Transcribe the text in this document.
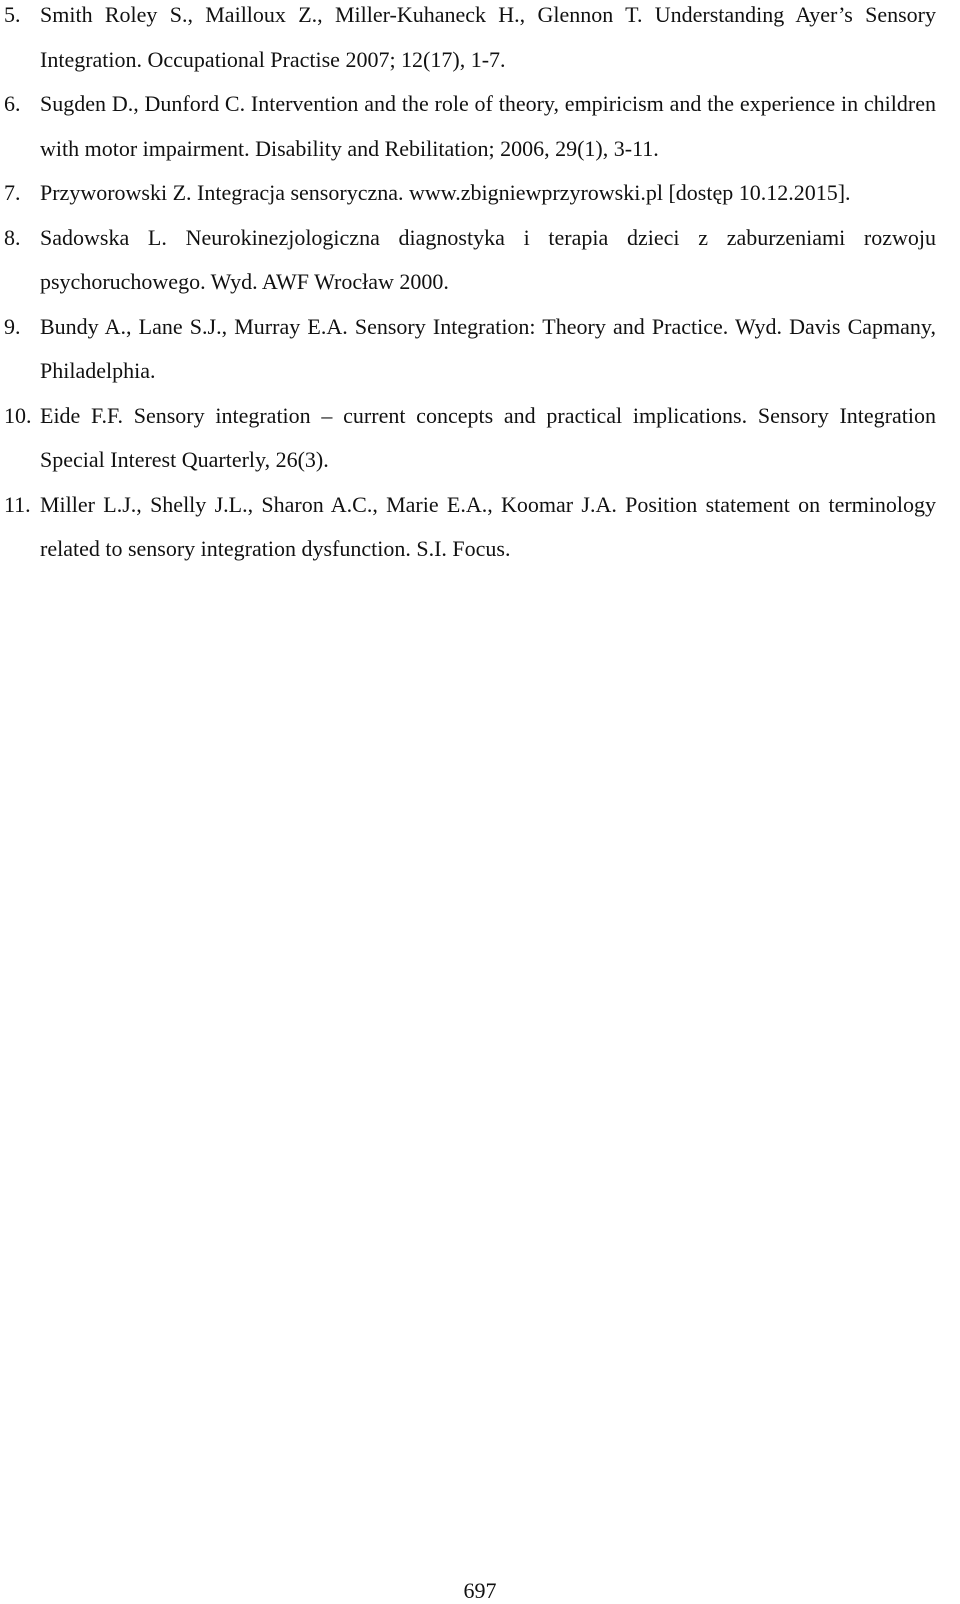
5. Smith Roley S., Mailloux Z., Miller-Kuhaneck H., Glennon T. Understanding Ayer’s Sensory Integration. Occupational Practise 2007; 12(17), 1-7.
6. Sugden D., Dunford C. Intervention and the role of theory, empiricism and the experience in children with motor impairment. Disability and Rebilitation; 2006, 29(1), 3-11.
7. Przyworowski Z. Integracja sensoryczna. www.zbigniewprzyrowski.pl [dostęp 10.12.2015].
8. Sadowska L. Neurokinezjologiczna diagnostyka i terapia dzieci z zaburzeniami rozwoju psychoruchowego. Wyd. AWF Wrocław 2000.
9. Bundy A., Lane S.J., Murray E.A. Sensory Integration: Theory and Practice. Wyd. Davis Capmany, Philadelphia.
10. Eide F.F. Sensory integration – current concepts and practical implications. Sensory Integration Special Interest Quarterly, 26(3).
11. Miller L.J., Shelly J.L., Sharon A.C., Marie E.A., Koomar J.A. Position statement on terminology related to sensory integration dysfunction. S.I. Focus.
697
